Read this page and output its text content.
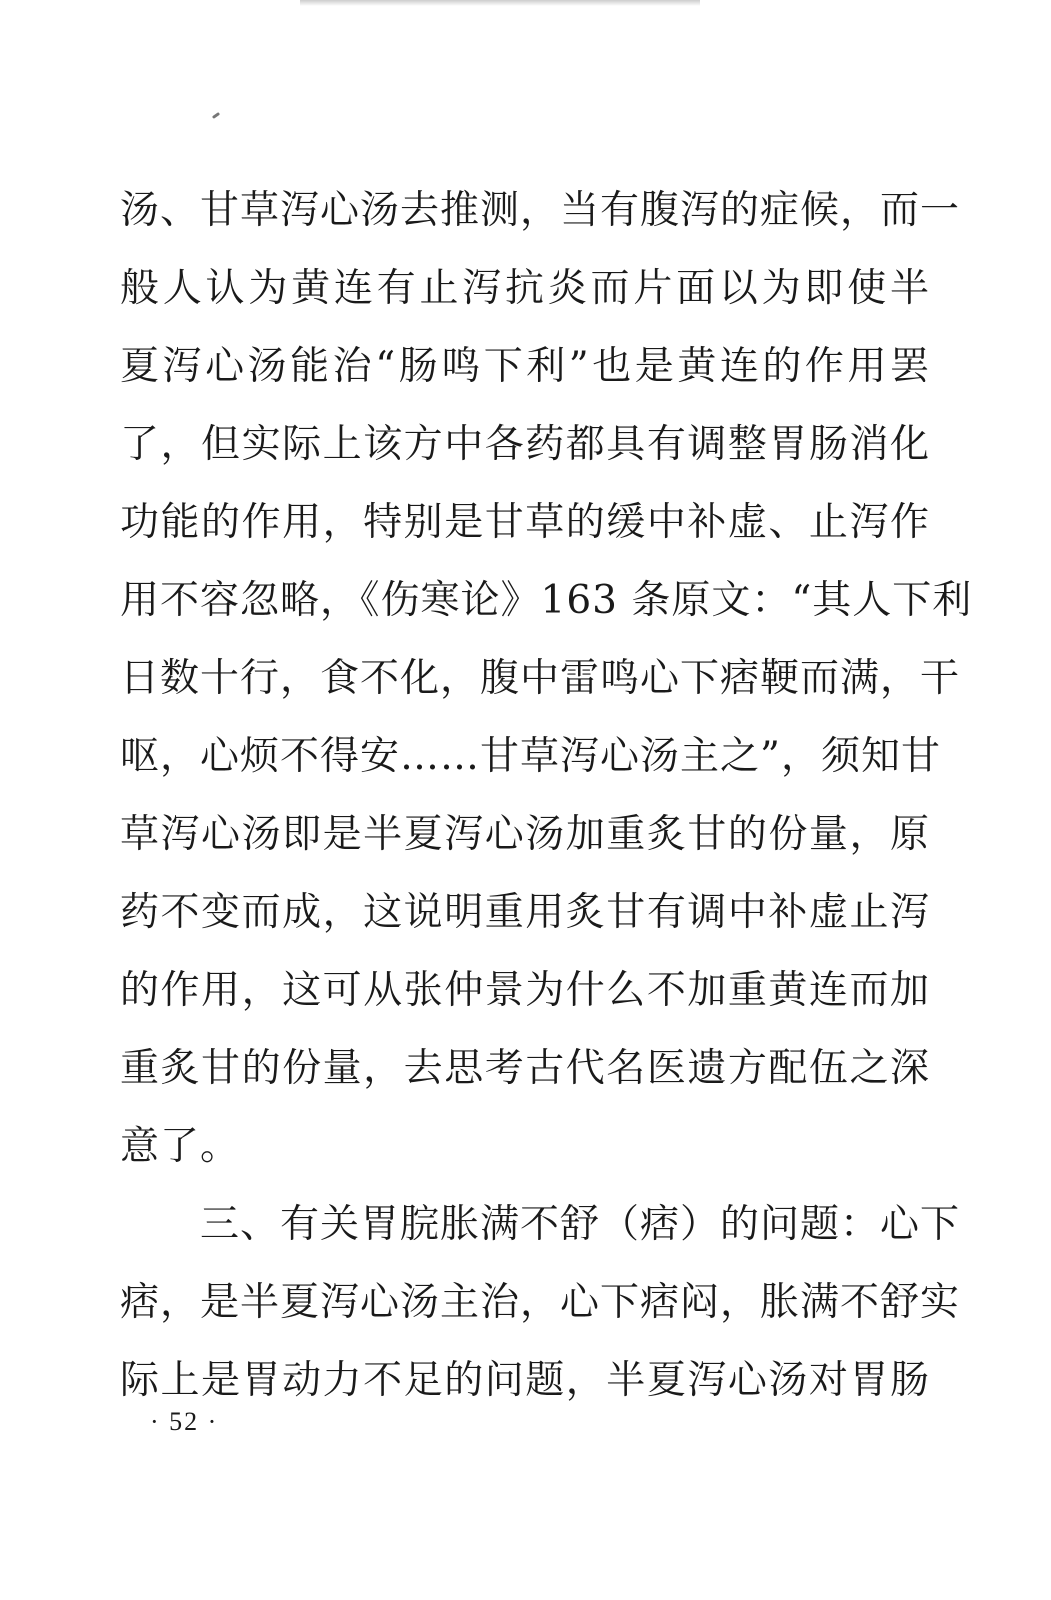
汤、甘草泻心汤去推测，当有腹泻的症候，而一
般人认为黄连有止泻抗炎而片面以为即使半
夏泻心汤能治“肠鸣下利”也是黄连的作用罢
了，但实际上该方中各药都具有调整胃肠消化
功能的作用，特别是甘草的缓中补虚、止泻作
用不容忽略，《伤寒论》163 条原文：“其人下利
日数十行，食不化，腹中雷鸣心下痞鞕而满，干
呕，心烦不得安……甘草泻心汤主之”，须知甘
草泻心汤即是半夏泻心汤加重炙甘的份量，原
药不变而成，这说明重用炙甘有调中补虚止泻
的作用，这可从张仲景为什么不加重黄连而加
重炙甘的份量，去思考古代名医遗方配伍之深
意了。
三、有关胃脘胀满不舒（痞）的问题：心下
痞，是半夏泻心汤主治，心下痞闷，胀满不舒实
际上是胃动力不足的问题，半夏泻心汤对胃肠
· 52 ·
